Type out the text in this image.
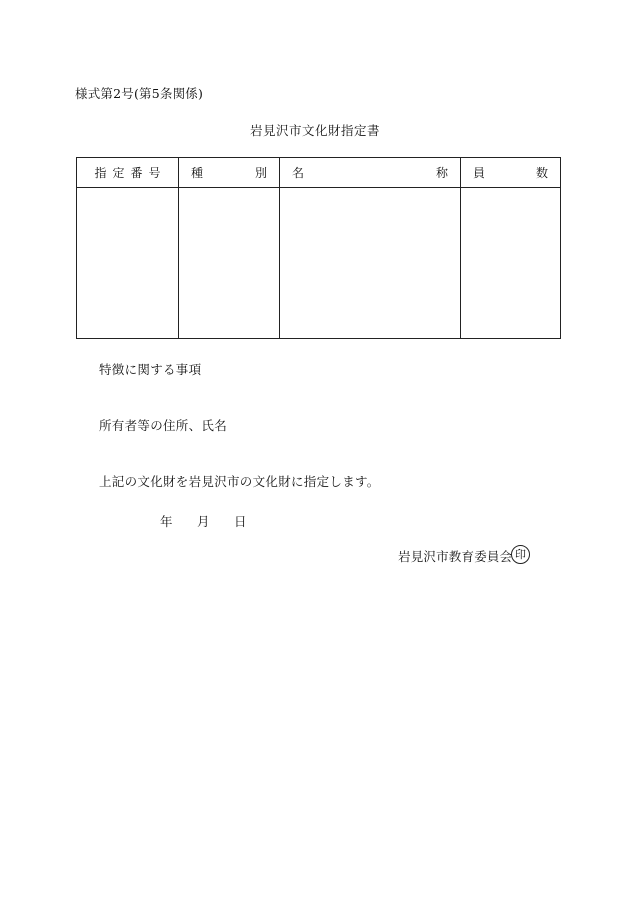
様式第2号(第5条関係)
岩見沢市文化財指定書
指 定 番 号	種 別	名 称	員 数

特徴に関する事項
所有者等の住所、氏名
上記の文化財を岩見沢市の文化財に指定します。
年 月 日
岩見沢市教育委員会 印
